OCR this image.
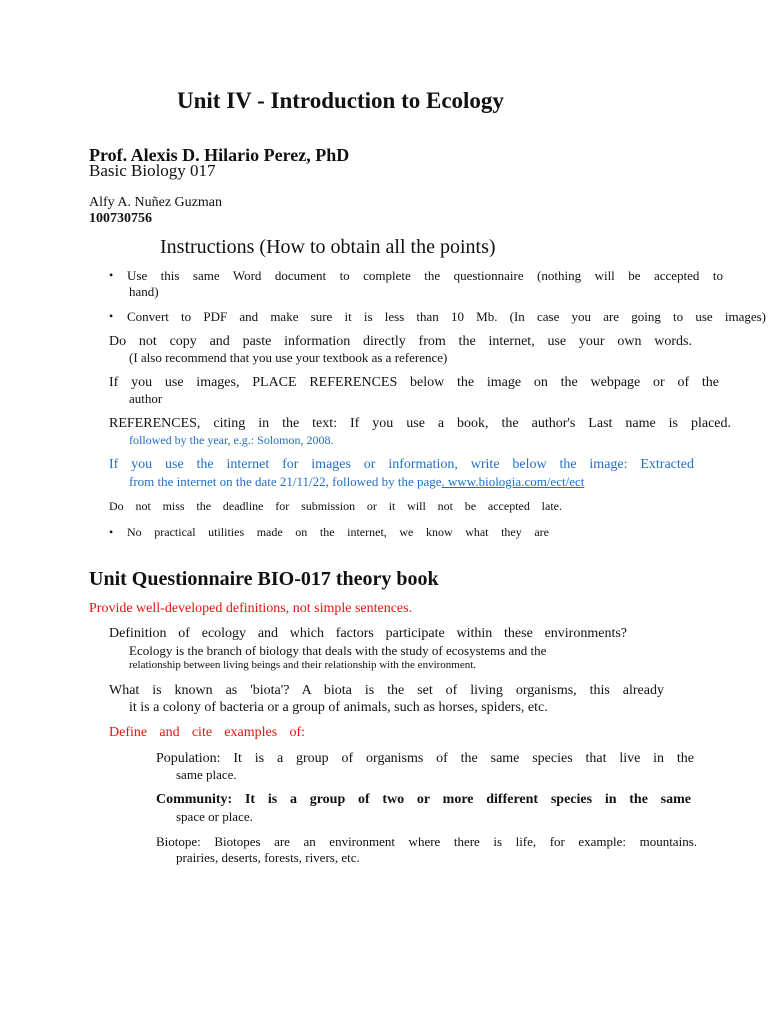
Unit IV - Introduction to Ecology
Prof. Alexis D. Hilario Perez, PhD
Basic Biology 017
Alfy A. Nuñez Guzman
100730756
Instructions (How to obtain all the points)
• Use this same Word document to complete the questionnaire (nothing will be accepted to
hand)
• Convert to PDF and make sure it is less than 10 Mb. (In case you are going to use images)
Do not copy and paste information directly from the internet, use your own words.
(I also recommend that you use your textbook as a reference)
If you use images, PLACE REFERENCES below the image on the webpage or of the
author
REFERENCES, citing in the text: If you use a book, the author's Last name is placed.
followed by the year, e.g.: Solomon, 2008.
If you use the internet for images or information, write below the image: Extracted
from the internet on the date 21/11/22, followed by the page. www.biologia.com/ect/ect
Do not miss the deadline for submission or it will not be accepted late.
• No practical utilities made on the internet, we know what they are
Unit Questionnaire BIO-017 theory book
Provide well-developed definitions, not simple sentences.
Definition of ecology and which factors participate within these environments?
Ecology is the branch of biology that deals with the study of ecosystems and the
relationship between living beings and their relationship with the environment.
What is known as 'biota'? A biota is the set of living organisms, this already
it is a colony of bacteria or a group of animals, such as horses, spiders, etc.
Define and cite examples of:
Population: It is a group of organisms of the same species that live in the
same place.
Community: It is a group of two or more different species in the same
space or place.
Biotope: Biotopes are an environment where there is life, for example: mountains.
prairies, deserts, forests, rivers, etc.
